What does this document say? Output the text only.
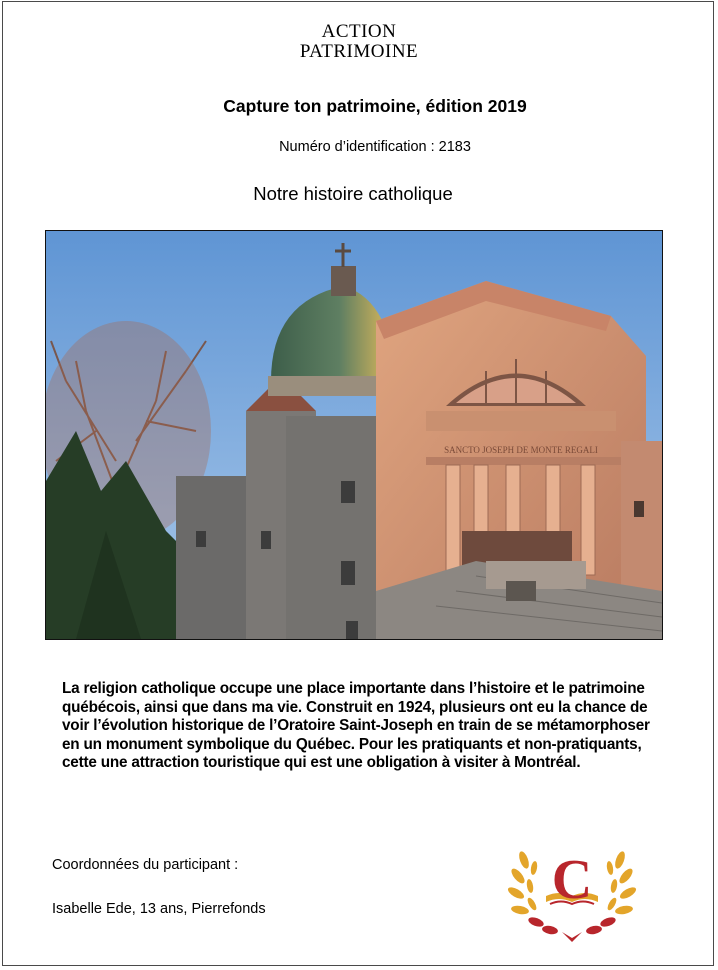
ACTION
PATRIMOINE
Capture ton patrimoine, édition 2019
Numéro d’identification : 2183
Notre histoire catholique
SANCTO JOSEPH DE MONTE REGALI
La religion catholique occupe une place importante dans l’histoire et le patrimoine québécois, ainsi que dans ma vie. Construit en 1924, plusieurs ont eu la chance de voir l’évolution historique de l’Oratoire Saint-Joseph en train de se métamorphoser en un monument symbolique du Québec. Pour les pratiquants et non-pratiquants, cette une attraction touristique qui est une obligation à visiter à Montréal.
Coordonnées du participant :
Isabelle Ede, 13 ans, Pierrefonds	C
